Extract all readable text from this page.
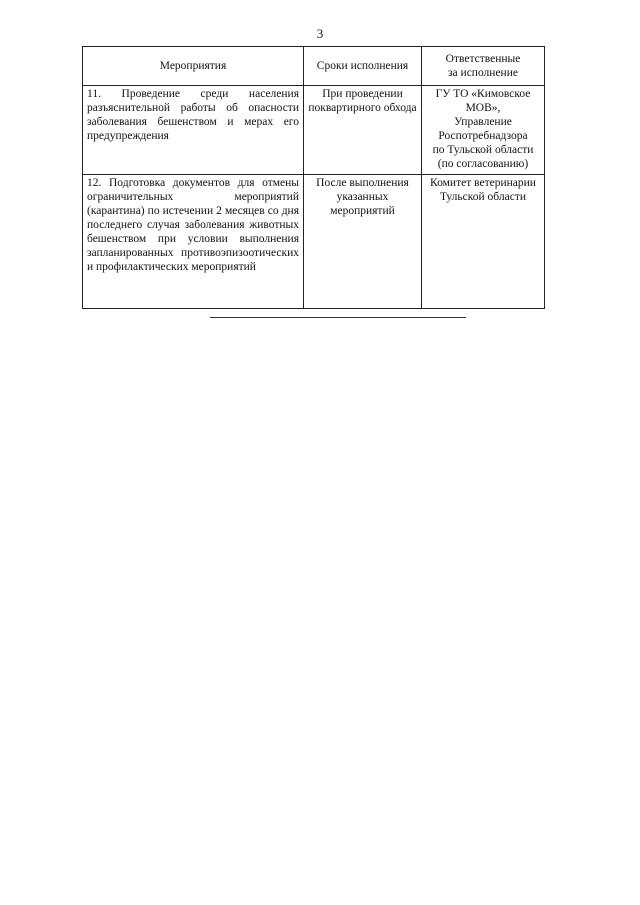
3
Мероприятия	Сроки исполнения	Ответственные
за исполнение
11. Проведение среди населения разъяснительной работы об опасности заболевания бешенством и мерах его предупреждения	При проведении поквартирного обхода	ГУ ТО «Кимовское МОВ»,
Управление
Роспотребнадзора
по Тульской области
(по согласованию)
12. Подготовка документов для отмены ограничительных мероприятий (карантина) по истечении 2 месяцев со дня последнего случая заболевания животных бешенством при условии выполнения запланированных противоэпизоотических и профилактических мероприятий	После выполнения указанных мероприятий	Комитет ветеринарии
Тульской области
